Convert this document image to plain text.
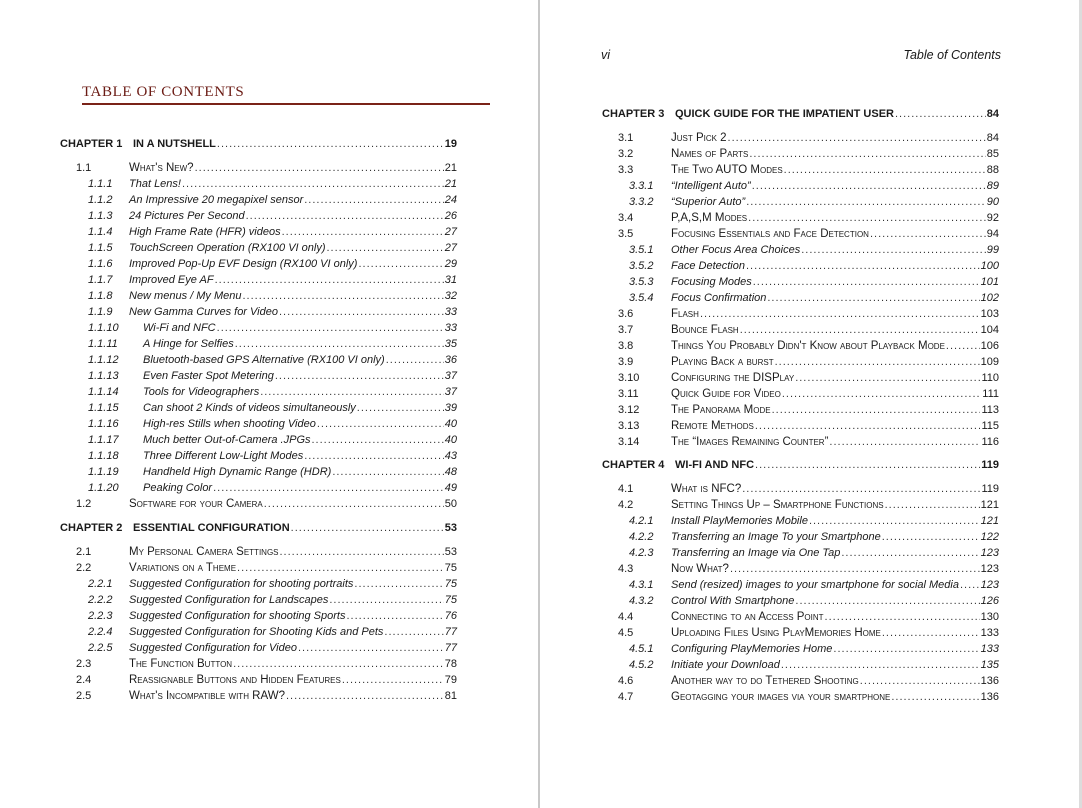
TABLE OF CONTENTS
CHAPTER 1 IN A NUTSHELL .....	19
1.1	What's New? .....	21
1.1.1 That Lens! .....	21
1.1.2 An Impressive 20 megapixel sensor .....	24
1.1.3 24 Pictures Per Second .....	26
1.1.4 High Frame Rate (HFR) videos .....	27
1.1.5 TouchScreen Operation (RX100 VI only) .....	27
1.1.6 Improved Pop-Up EVF Design (RX100 VI only) .....	29
1.1.7 Improved Eye AF .....	31
1.1.8 New menus / My Menu .....	32
1.1.9 New Gamma Curves for Video .....	33
1.1.10 Wi-Fi and NFC .....	33
1.1.11 A Hinge for Selfies .....	35
1.1.12 Bluetooth-based GPS Alternative (RX100 VI only) .....	36
1.1.13 Even Faster Spot Metering .....	37
1.1.14 Tools for Videographers .....	37
1.1.15 Can shoot 2 Kinds of videos simultaneously .....	39
1.1.16 High-res Stills when shooting Video .....	40
1.1.17 Much better Out-of-Camera .JPGs .....	40
1.1.18 Three Different Low-Light Modes .....	43
1.1.19 Handheld High Dynamic Range (HDR) .....	48
1.1.20 Peaking Color .....	49
1.2	Software for your Camera .....	50
CHAPTER 2 ESSENTIAL CONFIGURATION .....	53
2.1	My Personal Camera Settings .....	53
2.2	Variations on a Theme .....	75
2.2.1 Suggested Configuration for shooting portraits .....	75
2.2.2 Suggested Configuration for Landscapes .....	75
2.2.3 Suggested Configuration for shooting Sports .....	76
2.2.4 Suggested Configuration for Shooting Kids and Pets .....	77
2.2.5 Suggested Configuration for Video .....	77
2.3	The Function Button .....	78
2.4	Reassignable Buttons and Hidden Features .....	79
2.5	What's Incompatible with RAW? .....	81
vi	Table of Contents
CHAPTER 3 QUICK GUIDE FOR THE IMPATIENT USER .....	84
3.1	Just Pick 2 .....	84
3.2	Names of Parts .....	85
3.3	The Two AUTO Modes .....	88
3.3.1 “Intelligent Auto” .....	89
3.3.2 “Superior Auto” .....	90
3.4	P,A,S,M Modes .....	92
3.5	Focusing Essentials and Face Detection .....	94
3.5.1 Other Focus Area Choices .....	99
3.5.2 Face Detection .....	100
3.5.3 Focusing Modes .....	101
3.5.4 Focus Confirmation .....	102
3.6	Flash .....	103
3.7	Bounce Flash .....	104
3.8	Things You Probably Didn't Know about Playback Mode .....	106
3.9	Playing Back a burst .....	109
3.10	Configuring the DISPlay .....	110
3.11	Quick Guide for Video .....	111
3.12	The Panorama Mode .....	113
3.13	Remote Methods .....	115
3.14	The “Images Remaining Counter” .....	116
CHAPTER 4 WI-FI AND NFC .....	119
4.1	What is NFC? .....	119
4.2	Setting Things Up – Smartphone Functions .....	121
4.2.1 Install PlayMemories Mobile .....	121
4.2.2 Transferring an Image To your Smartphone .....	122
4.2.3 Transferring an Image via One Tap .....	123
4.3	Now What? .....	123
4.3.1 Send (resized) images to your smartphone for social Media ..... 123
4.3.2 Control With Smartphone .....	126
4.4	Connecting to an Access Point .....	130
4.5	Uploading Files Using PlayMemories Home .....	133
4.5.1 Configuring PlayMemories Home .....	133
4.5.2 Initiate your Download .....	135
4.6	Another way to do Tethered Shooting .....	136
4.7	Geotagging your images via your smartphone .....	136
